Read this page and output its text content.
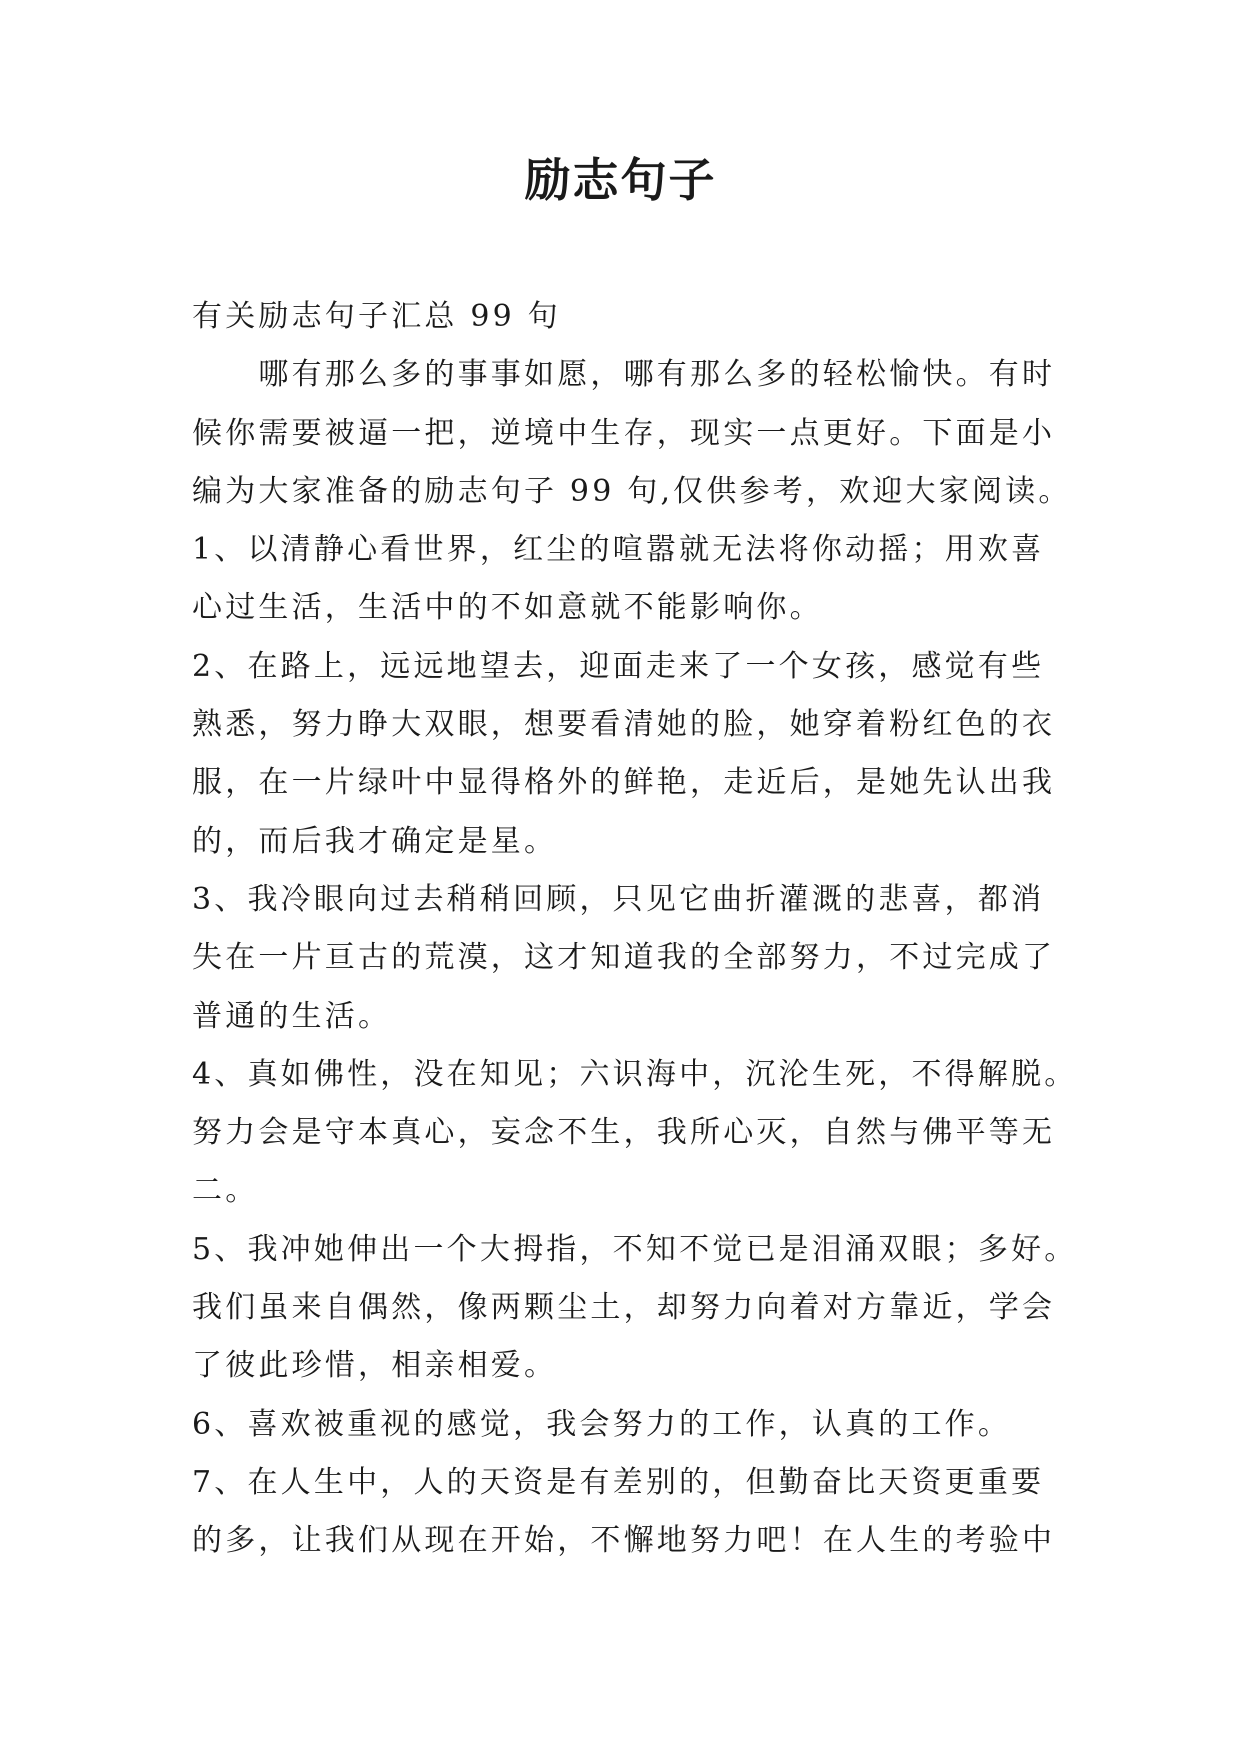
励志句子
有关励志句子汇总 99 句
　　哪有那么多的事事如愿，哪有那么多的轻松愉快。有时
候你需要被逼一把，逆境中生存，现实一点更好。下面是小
编为大家准备的励志句子 99 句,仅供参考，欢迎大家阅读。
1、以清静心看世界，红尘的喧嚣就无法将你动摇；用欢喜
心过生活，生活中的不如意就不能影响你。
2、在路上，远远地望去，迎面走来了一个女孩，感觉有些
熟悉，努力睁大双眼，想要看清她的脸，她穿着粉红色的衣
服，在一片绿叶中显得格外的鲜艳，走近后，是她先认出我
的，而后我才确定是星。
3、我冷眼向过去稍稍回顾，只见它曲折灌溉的悲喜，都消
失在一片亘古的荒漠，这才知道我的全部努力，不过完成了
普通的生活。
4、真如佛性，没在知见；六识海中，沉沦生死，不得解脱。
努力会是守本真心，妄念不生，我所心灭，自然与佛平等无
二。
5、我冲她伸出一个大拇指，不知不觉已是泪涌双眼；多好。
我们虽来自偶然，像两颗尘土，却努力向着对方靠近，学会
了彼此珍惜，相亲相爱。
6、喜欢被重视的感觉，我会努力的工作，认真的工作。
7、在人生中，人的天资是有差别的，但勤奋比天资更重要
的多，让我们从现在开始，不懈地努力吧！在人生的考验中
